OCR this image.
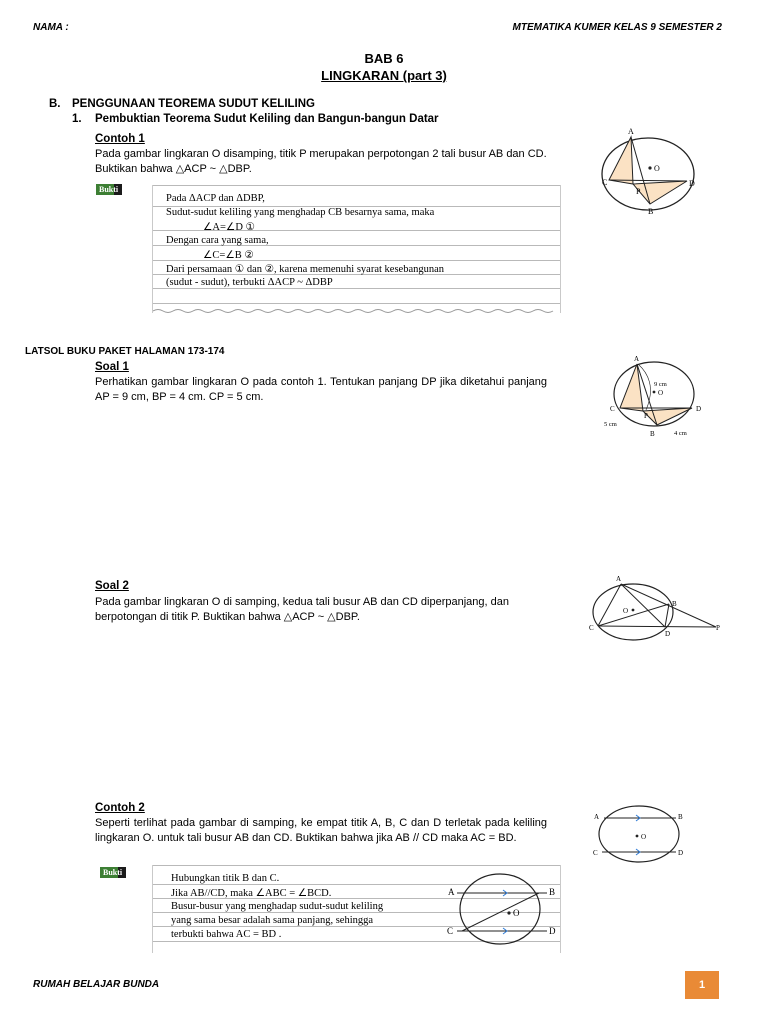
NAMA :	MTEMATIKA KUMER KELAS 9 SEMESTER 2
BAB 6
LINGKARAN (part 3)
B. PENGGUNAAN TEOREMA SUDUT KELILING
1. Pembuktian Teorema Sudut Keliling dan Bangun-bangun Datar
Contoh 1
Pada gambar lingkaran O disamping, titik P merupakan perpotongan 2 tali busur AB dan CD. Buktikan bahwa △ACP ~ △DBP.
A
C	D
B
P
O
Bukti
Pada ΔACP dan ΔDBP,
Sudut-sudut keliling yang menghadap CB besarnya sama, maka
∠A=∠D ①
Dengan cara yang sama,
∠C=∠B ②
Dari persamaan ① dan ②, karena memenuhi syarat kesebangunan
(sudut - sudut), terbukti ΔACP ~ ΔDBP
LATSOL BUKU PAKET HALAMAN 173-174
Soal 1
Perhatikan gambar lingkaran O pada contoh 1. Tentukan panjang DP jika diketahui panjang AP = 9 cm, BP = 4 cm. CP = 5 cm.
A
C	D
B
P
O
9 cm
5 cm
4 cm
Soal 2
Pada gambar lingkaran O di samping, kedua tali busur AB dan CD diperpanjang, dan berpotongan di titik P. Buktikan bahwa △ACP ~ △DBP.
A
B
C
D
P
O
Contoh 2
Seperti terlihat pada gambar di samping, ke empat titik A, B, C dan D terletak pada keliling lingkaran O. untuk tali busur AB dan CD. Buktikan bahwa jika AB // CD maka AC = BD.
A	B
C	D
O
Bukti
Hubungkan titik B dan C.
Jika AB//CD, maka ∠ABC = ∠BCD.
Busur-busur yang menghadap sudut-sudut keliling
yang sama besar adalah sama panjang, sehingga
terbukti bahwa AC = BD .
A	B
C	D
O
RUMAH BELAJAR BUNDA	1
